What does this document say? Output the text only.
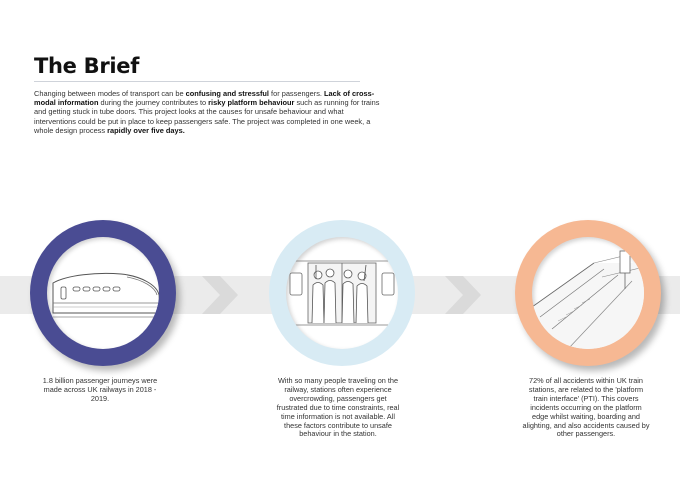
The Brief

Changing between modes of transport can be confusing and stressful for passengers. Lack of cross-modal information during the journey contributes to risky platform behaviour such as running for trains and getting stuck in tube doors. This project looks at the causes for unsafe behaviour and what interventions could be put in place to keep passengers safe. The project was completed in one week, a whole design process rapidly over five days.

1.8 billion passenger journeys were made across UK railways in 2018 - 2019.

With so many people traveling on the railway, stations often experience overcrowding, passengers get frustrated due to time constraints, real time information is not available. All these factors contribute to unsafe behaviour in the station.

72% of all accidents within UK train stations, are related to the 'platform train interface' (PTI). This covers incidents occurring on the platform edge whilst waiting, boarding and alighting, and also accidents caused by other passengers.
